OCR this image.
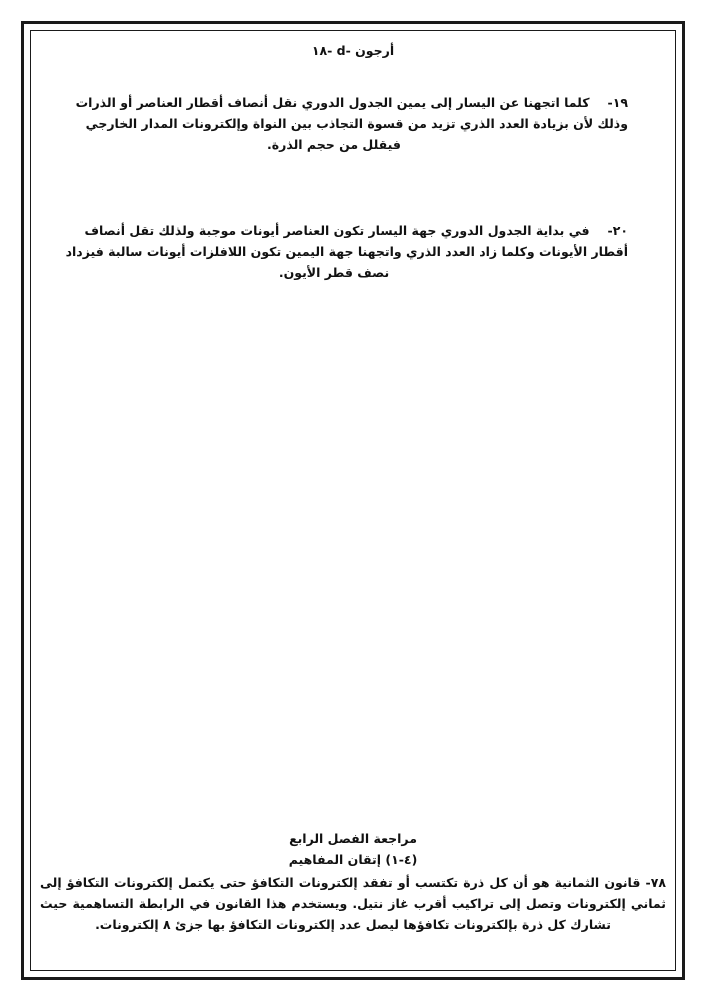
١٨- d- أرجون
١٩-كلما اتجهنا عن اليسار إلى يمين الجدول الدوري نقل أنصاف أقطار العناصر أو الذرات
وذلك لأن بزيادة العدد الذري تزيد من قسوة التجاذب بين النواة وإلكترونات المدار الخارجي
فيقلل من حجم الذرة.
٢٠-في بداية الجدول الدوري جهة اليسار تكون العناصر أيونات موجبة ولذلك تقل أنصاف
أقطار الأيونات وكلما زاد العدد الذري واتجهنا جهة اليمين تكون اللافلزات أيونات سالبة فيزداد
نصف قطر الأيون.
مراجعة الفصل الرابع
(٤-١) إتقان المفاهيم
٧٨- قانون الثمانية هو أن كل ذرة تكتسب أو تفقد إلكترونات التكافؤ حتى يكتمل إلكترونات التكافؤ إلى
ثماني إلكترونات وتصل إلى تراكيب أقرب غاز نتيل. ويستخدم هذا القانون في الرابطة التساهمية حيث
تشارك كل ذرة بإلكترونات تكافؤها ليصل عدد إلكترونات التكافؤ بها جزئ ٨ إلكترونات.
